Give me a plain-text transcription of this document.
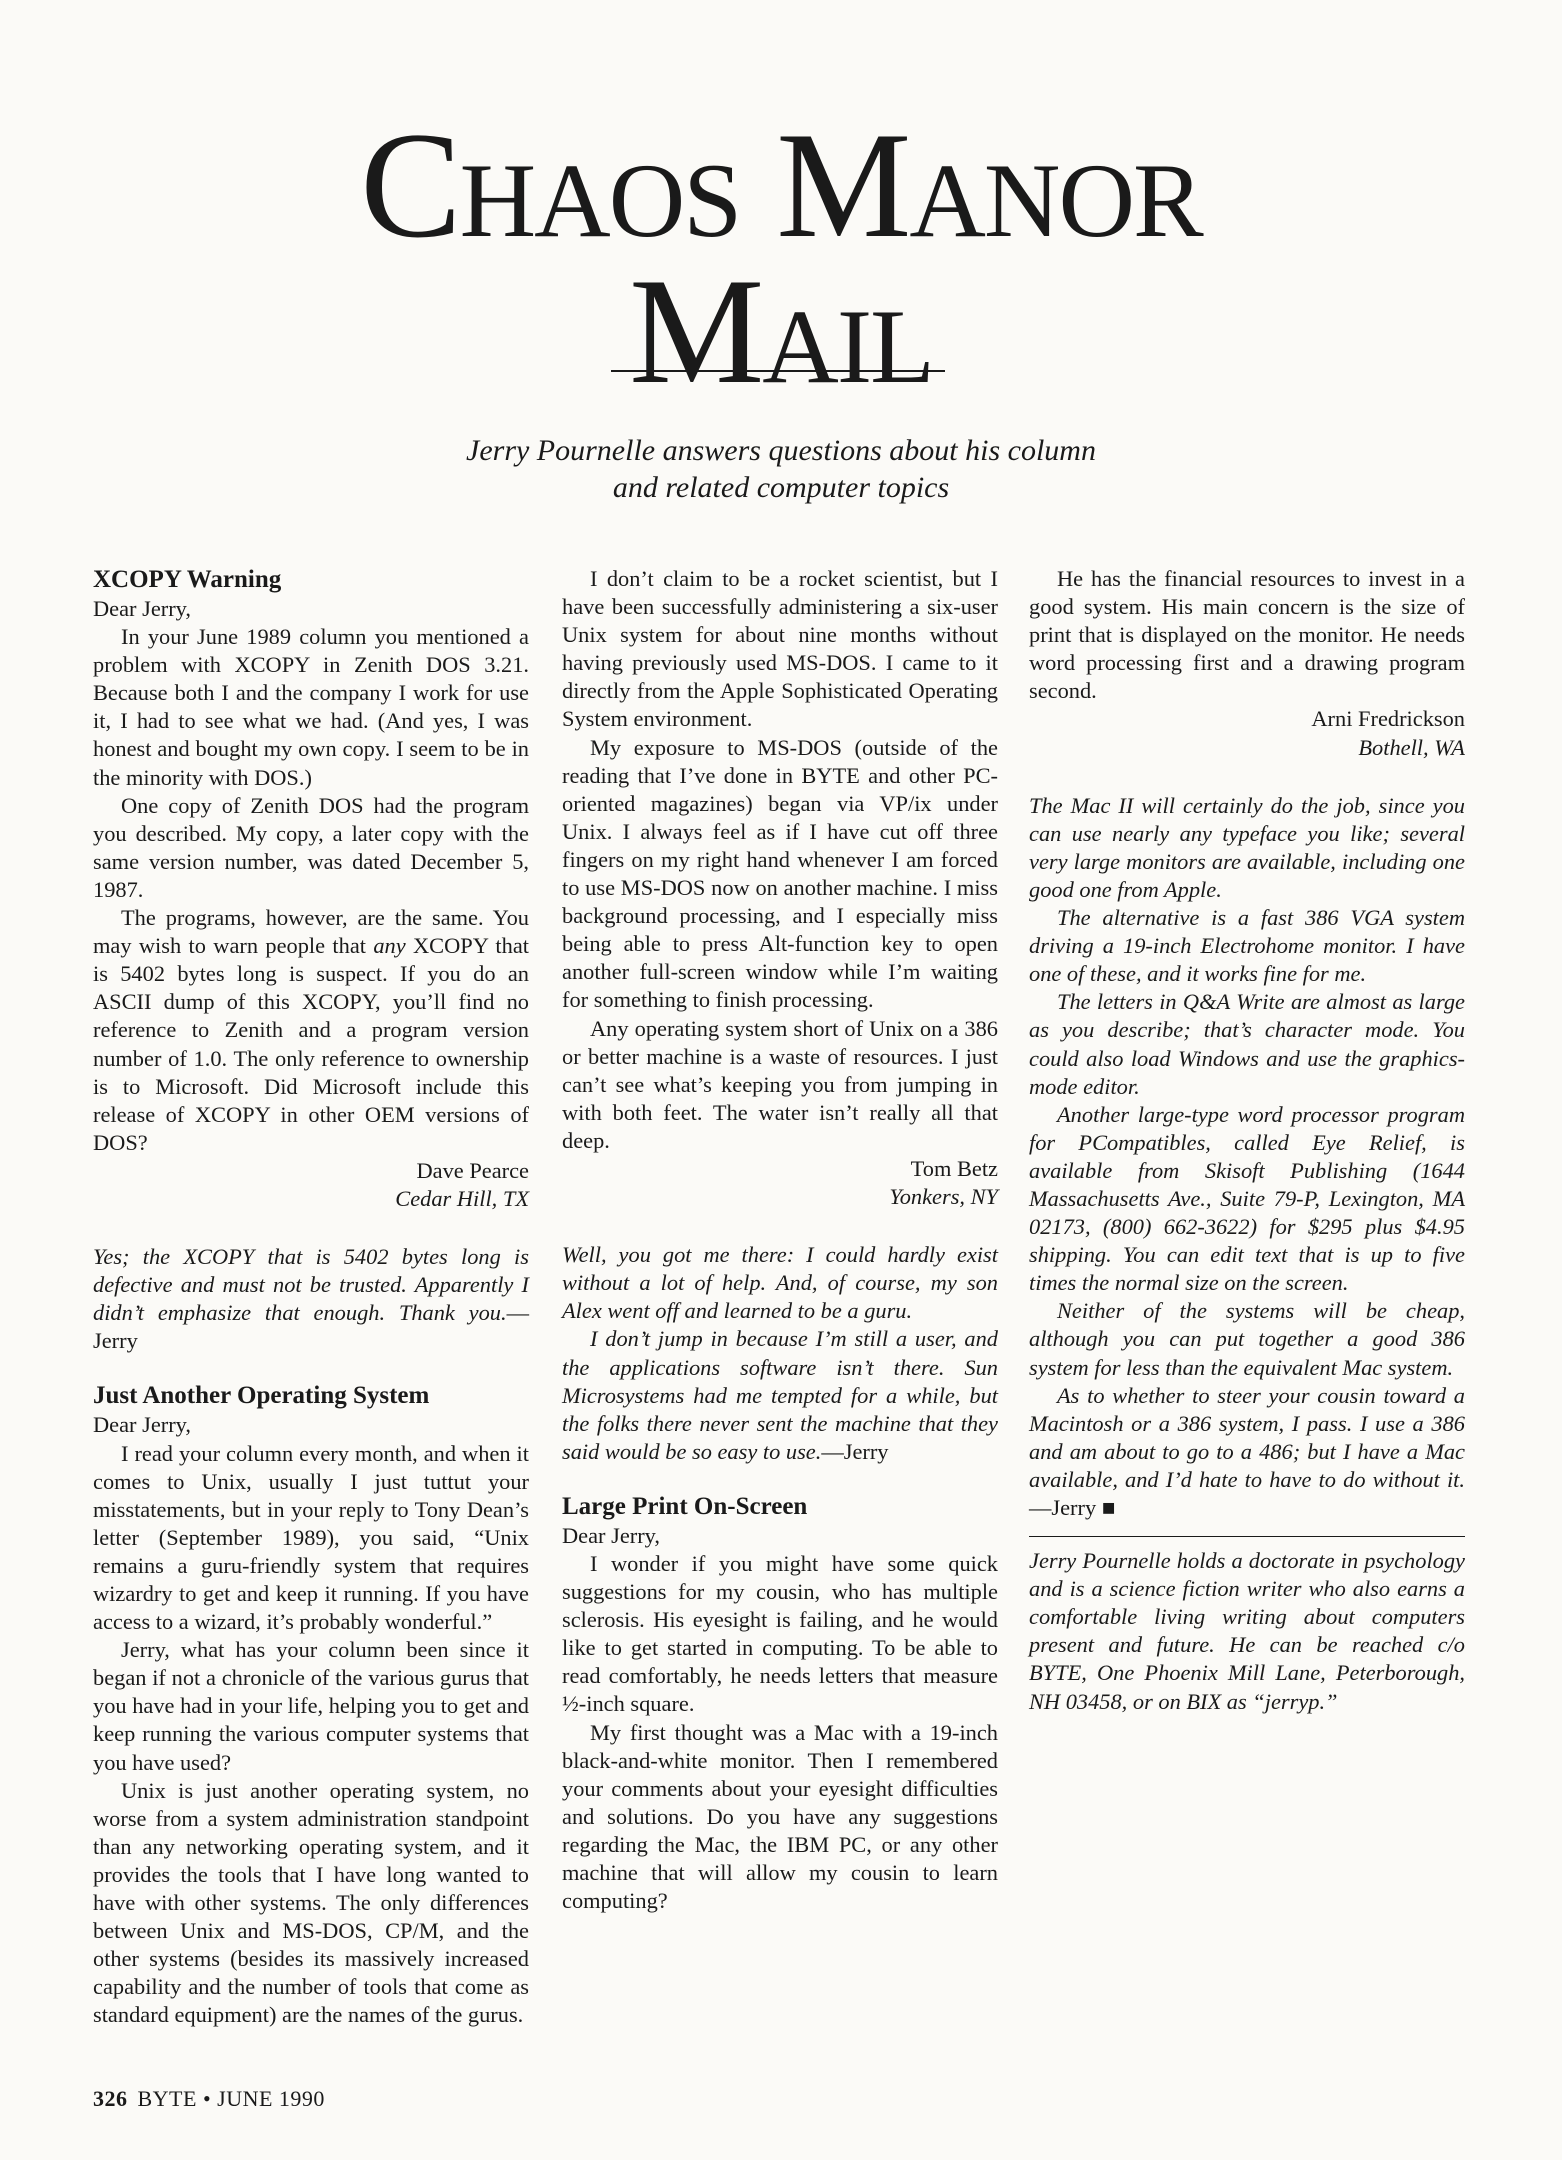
Chaos Manor
Mail
Jerry Pournelle answers questions about his column
and related computer topics
XCOPY Warning

Dear Jerry,

In your June 1989 column you mentioned a problem with XCOPY in Zenith DOS 3.21. Because both I and the company I work for use it, I had to see what we had. (And yes, I was honest and bought my own copy. I seem to be in the minority with DOS.)

One copy of Zenith DOS had the program you described. My copy, a later copy with the same version number, was dated December 5, 1987.

The programs, however, are the same. You may wish to warn people that any XCOPY that is 5402 bytes long is suspect. If you do an ASCII dump of this XCOPY, you’ll find no reference to Zenith and a program version number of 1.0. The only reference to ownership is to Microsoft. Did Microsoft include this release of XCOPY in other OEM versions of DOS?

Dave Pearce

Cedar Hill, TX

Yes; the XCOPY that is 5402 bytes long is defective and must not be trusted. Apparently I didn’t emphasize that enough. Thank you.—Jerry

Just Another Operating System

Dear Jerry,

I read your column every month, and when it comes to Unix, usually I just tuttut your misstatements, but in your reply to Tony Dean’s letter (September 1989), you said, “Unix remains a guru-friendly system that requires wizardry to get and keep it running. If you have access to a wizard, it’s probably wonderful.”

Jerry, what has your column been since it began if not a chronicle of the various gurus that you have had in your life, helping you to get and keep running the various computer systems that you have used?

Unix is just another operating system, no worse from a system administration standpoint than any networking operating system, and it provides the tools that I have long wanted to have with other systems. The only differences between Unix and MS-DOS, CP/M, and the other systems (besides its massively increased capability and the number of tools that come as standard equipment) are the names of the gurus.

I don’t claim to be a rocket scientist, but I have been successfully administering a six-user Unix system for about nine months without having previously used MS-DOS. I came to it directly from the Apple Sophisticated Operating System environment.

My exposure to MS-DOS (outside of the reading that I’ve done in BYTE and other PC-oriented magazines) began via VP/ix under Unix. I always feel as if I have cut off three fingers on my right hand whenever I am forced to use MS-DOS now on another machine. I miss background processing, and I especially miss being able to press Alt-function key to open another full-screen window while I’m waiting for something to finish processing.

Any operating system short of Unix on a 386 or better machine is a waste of resources. I just can’t see what’s keeping you from jumping in with both feet. The water isn’t really all that deep.

Tom Betz

Yonkers, NY

Well, you got me there: I could hardly exist without a lot of help. And, of course, my son Alex went off and learned to be a guru.

I don’t jump in because I’m still a user, and the applications software isn’t there. Sun Microsystems had me tempted for a while, but the folks there never sent the machine that they said would be so easy to use.—Jerry

Large Print On-Screen

Dear Jerry,

I wonder if you might have some quick suggestions for my cousin, who has multiple sclerosis. His eyesight is failing, and he would like to get started in computing. To be able to read comfortably, he needs letters that measure ½-inch square.

My first thought was a Mac with a 19-inch black-and-white monitor. Then I remembered your comments about your eyesight difficulties and solutions. Do you have any suggestions regarding the Mac, the IBM PC, or any other machine that will allow my cousin to learn computing?

He has the financial resources to invest in a good system. His main concern is the size of print that is displayed on the monitor. He needs word processing first and a drawing program second.

Arni Fredrickson

Bothell, WA

The Mac II will certainly do the job, since you can use nearly any typeface you like; several very large monitors are available, including one good one from Apple.

The alternative is a fast 386 VGA system driving a 19-inch Electrohome monitor. I have one of these, and it works fine for me.

The letters in Q&A Write are almost as large as you describe; that’s character mode. You could also load Windows and use the graphics-mode editor.

Another large-type word processor program for PCompatibles, called Eye Relief, is available from Skisoft Publishing (1644 Massachusetts Ave., Suite 79-P, Lexington, MA 02173, (800) 662-3622) for $295 plus $4.95 shipping. You can edit text that is up to five times the normal size on the screen.

Neither of the systems will be cheap, although you can put together a good 386 system for less than the equivalent Mac system.

As to whether to steer your cousin toward a Macintosh or a 386 system, I pass. I use a 386 and am about to go to a 486; but I have a Mac available, and I’d hate to have to do without it.—Jerry ■

Jerry Pournelle holds a doctorate in psychology and is a science fiction writer who also earns a comfortable living writing about computers present and future. He can be reached c/o BYTE, One Phoenix Mill Lane, Peterborough, NH 03458, or on BIX as “jerryp.”

326 BYTE • JUNE 1990
